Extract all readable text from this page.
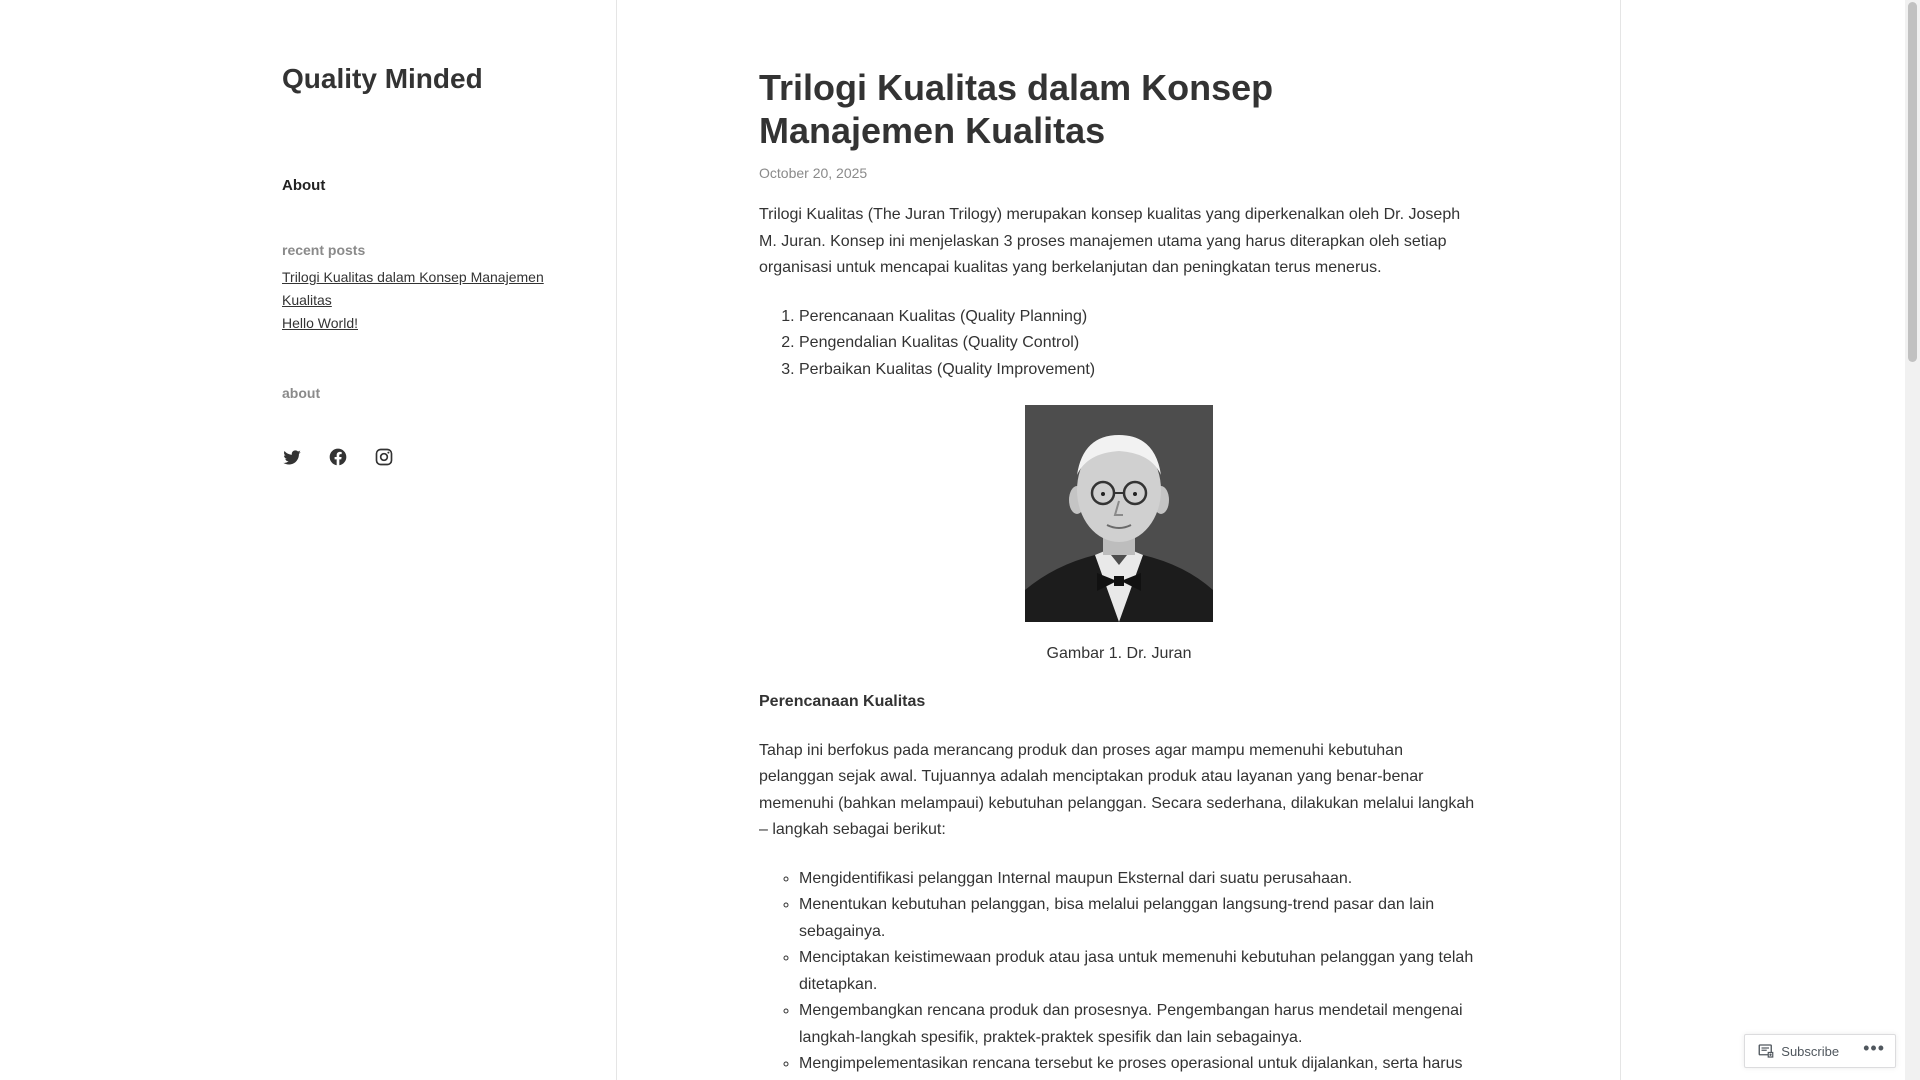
Quality Minded
About
recent posts
Trilogi Kualitas dalam Konsep Manajemen Kualitas
Hello World!
about
Trilogi Kualitas dalam Konsep Manajemen Kualitas
October 20, 2025

Trilogi Kualitas (The Juran Trilogy) merupakan konsep kualitas yang diperkenalkan oleh Dr. Joseph M. Juran. Konsep ini menjelaskan 3 proses manajemen utama yang harus diterapkan oleh setiap organisasi untuk mencapai kualitas yang berkelanjutan dan peningkatan terus menerus.

1. Perencanaan Kualitas (Quality Planning)
2. Pengendalian Kualitas (Quality Control)
3. Perbaikan Kualitas (Quality Improvement)
Gambar 1. Dr. Juran

Perencanaan Kualitas

Tahap ini berfokus pada merancang produk dan proses agar mampu memenuhi kebutuhan pelanggan sejak awal. Tujuannya adalah menciptakan produk atau layanan yang benar-benar memenuhi (bahkan melampaui) kebutuhan pelanggan. Secara sederhana, dilakukan melalui langkah – langkah sebagai berikut:

◦ Mengidentifikasi pelanggan Internal maupun Eksternal dari suatu perusahaan.
◦ Menentukan kebutuhan pelanggan, bisa melalui pelanggan langsung-trend pasar dan lain sebagainya.
◦ Menciptakan keistimewaan produk atau jasa untuk memenuhi kebutuhan pelanggan yang telah ditetapkan.
◦ Mengembangkan rencana produk dan prosesnya. Pengembangan harus mendetail mengenai langkah-langkah spesifik, praktek-praktek spesifik dan lain sebagainya.
◦ Mengimpelementasikan rencana tersebut ke proses operasional untuk dijalankan, serta harus
Subscribe	•••
